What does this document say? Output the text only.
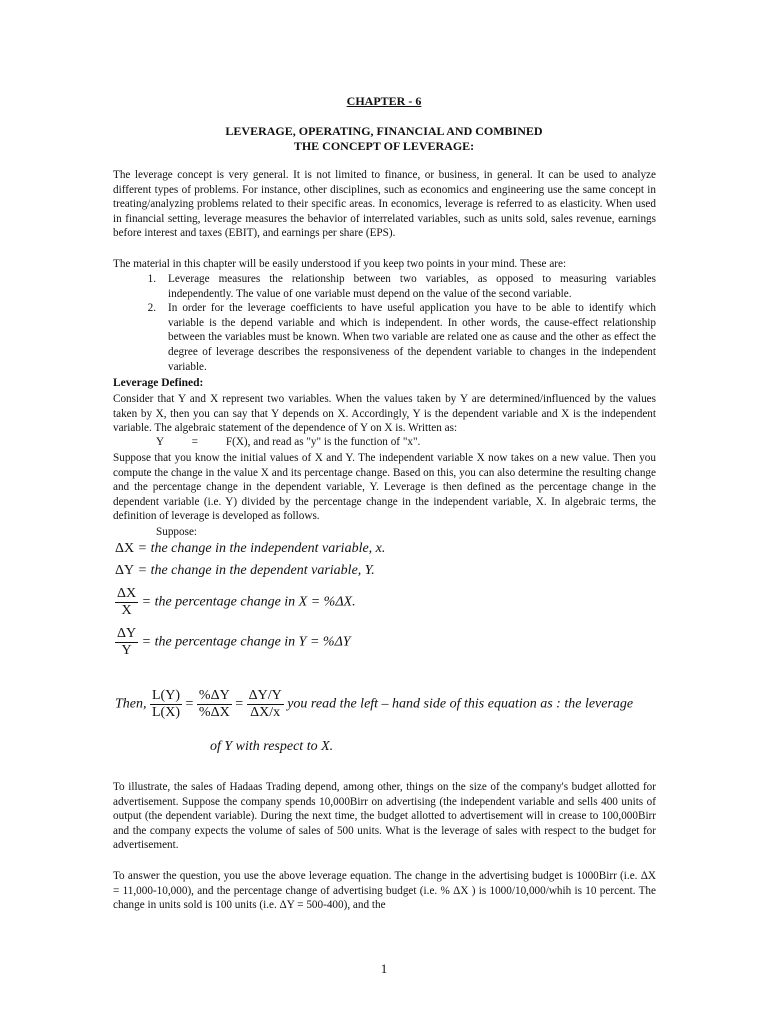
CHAPTER - 6
LEVERAGE, OPERATING, FINANCIAL AND COMBINED
THE CONCEPT OF LEVERAGE:
The leverage concept is very general. It is not limited to finance, or business, in general. It can be used to analyze different types of problems. For instance, other disciplines, such as economics and engineering use the same concept in treating/analyzing problems related to their specific areas. In economics, leverage is referred to as elasticity. When used in financial setting, leverage measures the behavior of interrelated variables, such as units sold, sales revenue, earnings before interest and taxes (EBIT), and earnings per share (EPS).
The material in this chapter will be easily understood if you keep two points in your mind. These are:
1.	Leverage measures the relationship between two variables, as opposed to measuring variables independently. The value of one variable must depend on the value of the second variable.
2.	In order for the leverage coefficients to have useful application you have to be able to identify which variable is the depend variable and which is independent. In other words, the cause-effect relationship between the variables must be known. When two variable are related one as cause and the other as effect the degree of leverage describes the responsiveness of the dependent variable to changes in the independent variable.
Leverage Defined:
Consider that Y and X represent two variables. When the values taken by Y are determined/influenced by the values taken by X, then you can say that Y depends on X. Accordingly, Y is the dependent variable and X is the independent variable. The algebraic statement of the dependence of Y on X is. Written as:
Y          =          F(X), and read as "y" is the function of "x".
Suppose that you know the initial values of X and Y. The independent variable X now takes on a new value. Then you compute the change in the value X and its percentage change. Based on this, you can also determine the resulting change and the percentage change in the dependent variable, Y. Leverage is then defined as the percentage change in the dependent variable (i.e. Y) divided by the percentage change in the independent variable, X. In algebraic terms, the definition of leverage is developed as follows.
Suppose:
ΔX = the change in the independent variable, x.
ΔY = the change in the dependent variable, Y.
$\frac{\Delta X}{X}$ = the percentage change in X = %ΔX.
$\frac{\Delta Y}{Y}$ = the percentage change in Y = %ΔY
Then, $\frac{L(Y)}{L(X)} = \frac{\%\Delta Y}{\%\Delta X} = \frac{\Delta Y/Y}{\Delta X/x}$ you read the left – hand side of this equation as : the leverage
of Y with respect to X.
To illustrate, the sales of Hadaas Trading depend, among other, things on the size of the company's budget allotted for advertisement. Suppose the company spends 10,000Birr on advertising (the independent variable and sells 400 units of output (the dependent variable). During the next time, the budget allotted to advertisement will in crease to 100,000Birr and the company expects the volume of sales of 500 units. What is the leverage of sales with respect to the budget for advertisement.
To answer the question, you use the above leverage equation. The change in the advertising budget is 1000Birr (i.e. ΔX = 11,000-10,000), and the percentage change of advertising budget (i.e. % ΔX ) is 1000/10,000/whih is 10 percent. The change in units sold is 100 units (i.e. ΔY = 500-400), and the
1
